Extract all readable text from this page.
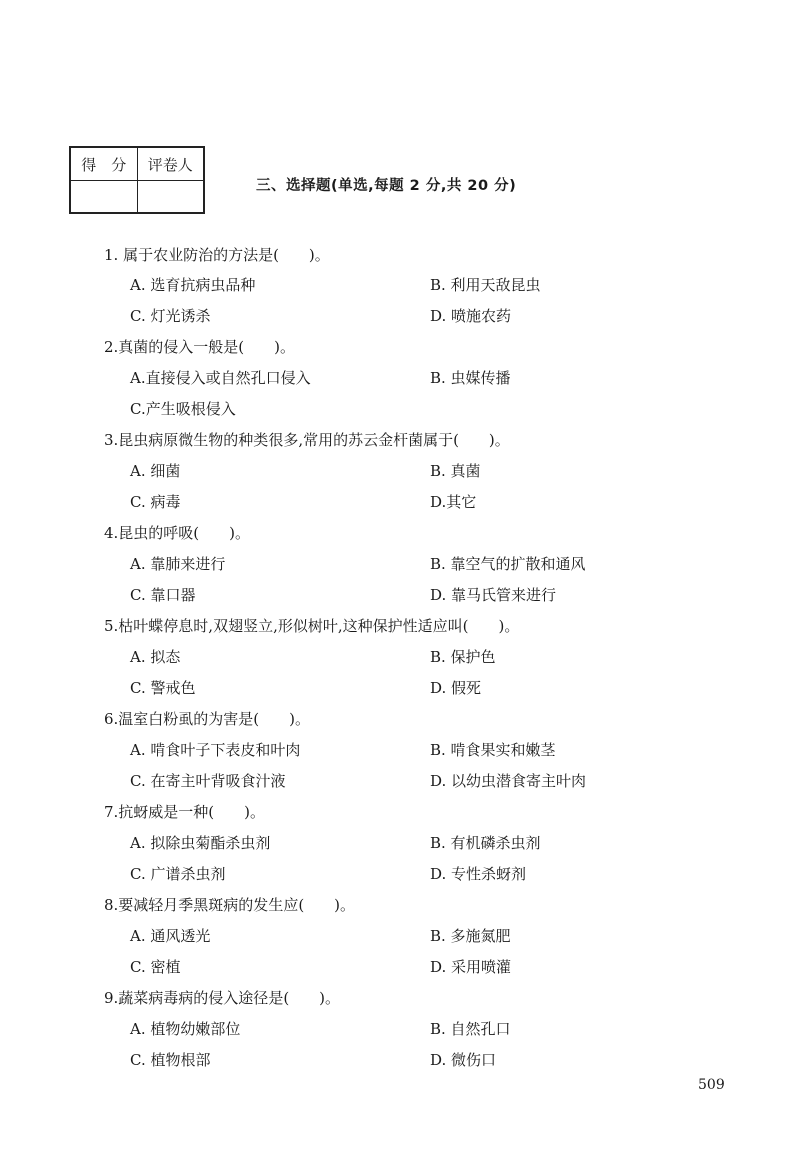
得　分	评卷人

三、选择题(单选,每题 2 分,共 20 分)
1. 属于农业防治的方法是(　　)。
A. 选育抗病虫品种	B. 利用天敌昆虫
C. 灯光诱杀	D. 喷施农药
2.真菌的侵入一般是(　　)。
A.直接侵入或自然孔口侵入	B. 虫媒传播
C.产生吸根侵入
3.昆虫病原微生物的种类很多,常用的苏云金杆菌属于(　　)。
A. 细菌	B. 真菌
C. 病毒	D.其它
4.昆虫的呼吸(　　)。
A. 靠肺来进行	B. 靠空气的扩散和通风
C. 靠口器	D. 靠马氏管来进行
5.枯叶蝶停息时,双翅竖立,形似树叶,这种保护性适应叫(　　)。
A. 拟态	B. 保护色
C. 警戒色	D. 假死
6.温室白粉虱的为害是(　　)。
A. 啃食叶子下表皮和叶肉	B. 啃食果实和嫩茎
C. 在寄主叶背吸食汁液	D. 以幼虫潜食寄主叶肉
7.抗蚜威是一种(　　)。
A. 拟除虫菊酯杀虫剂	B. 有机磷杀虫剂
C. 广谱杀虫剂	D. 专性杀蚜剂
8.要减轻月季黑斑病的发生应(　　)。
A. 通风透光	B. 多施氮肥
C. 密植	D. 采用喷灌
9.蔬菜病毒病的侵入途径是(　　)。
A. 植物幼嫩部位	B. 自然孔口
C. 植物根部	D. 微伤口
509
